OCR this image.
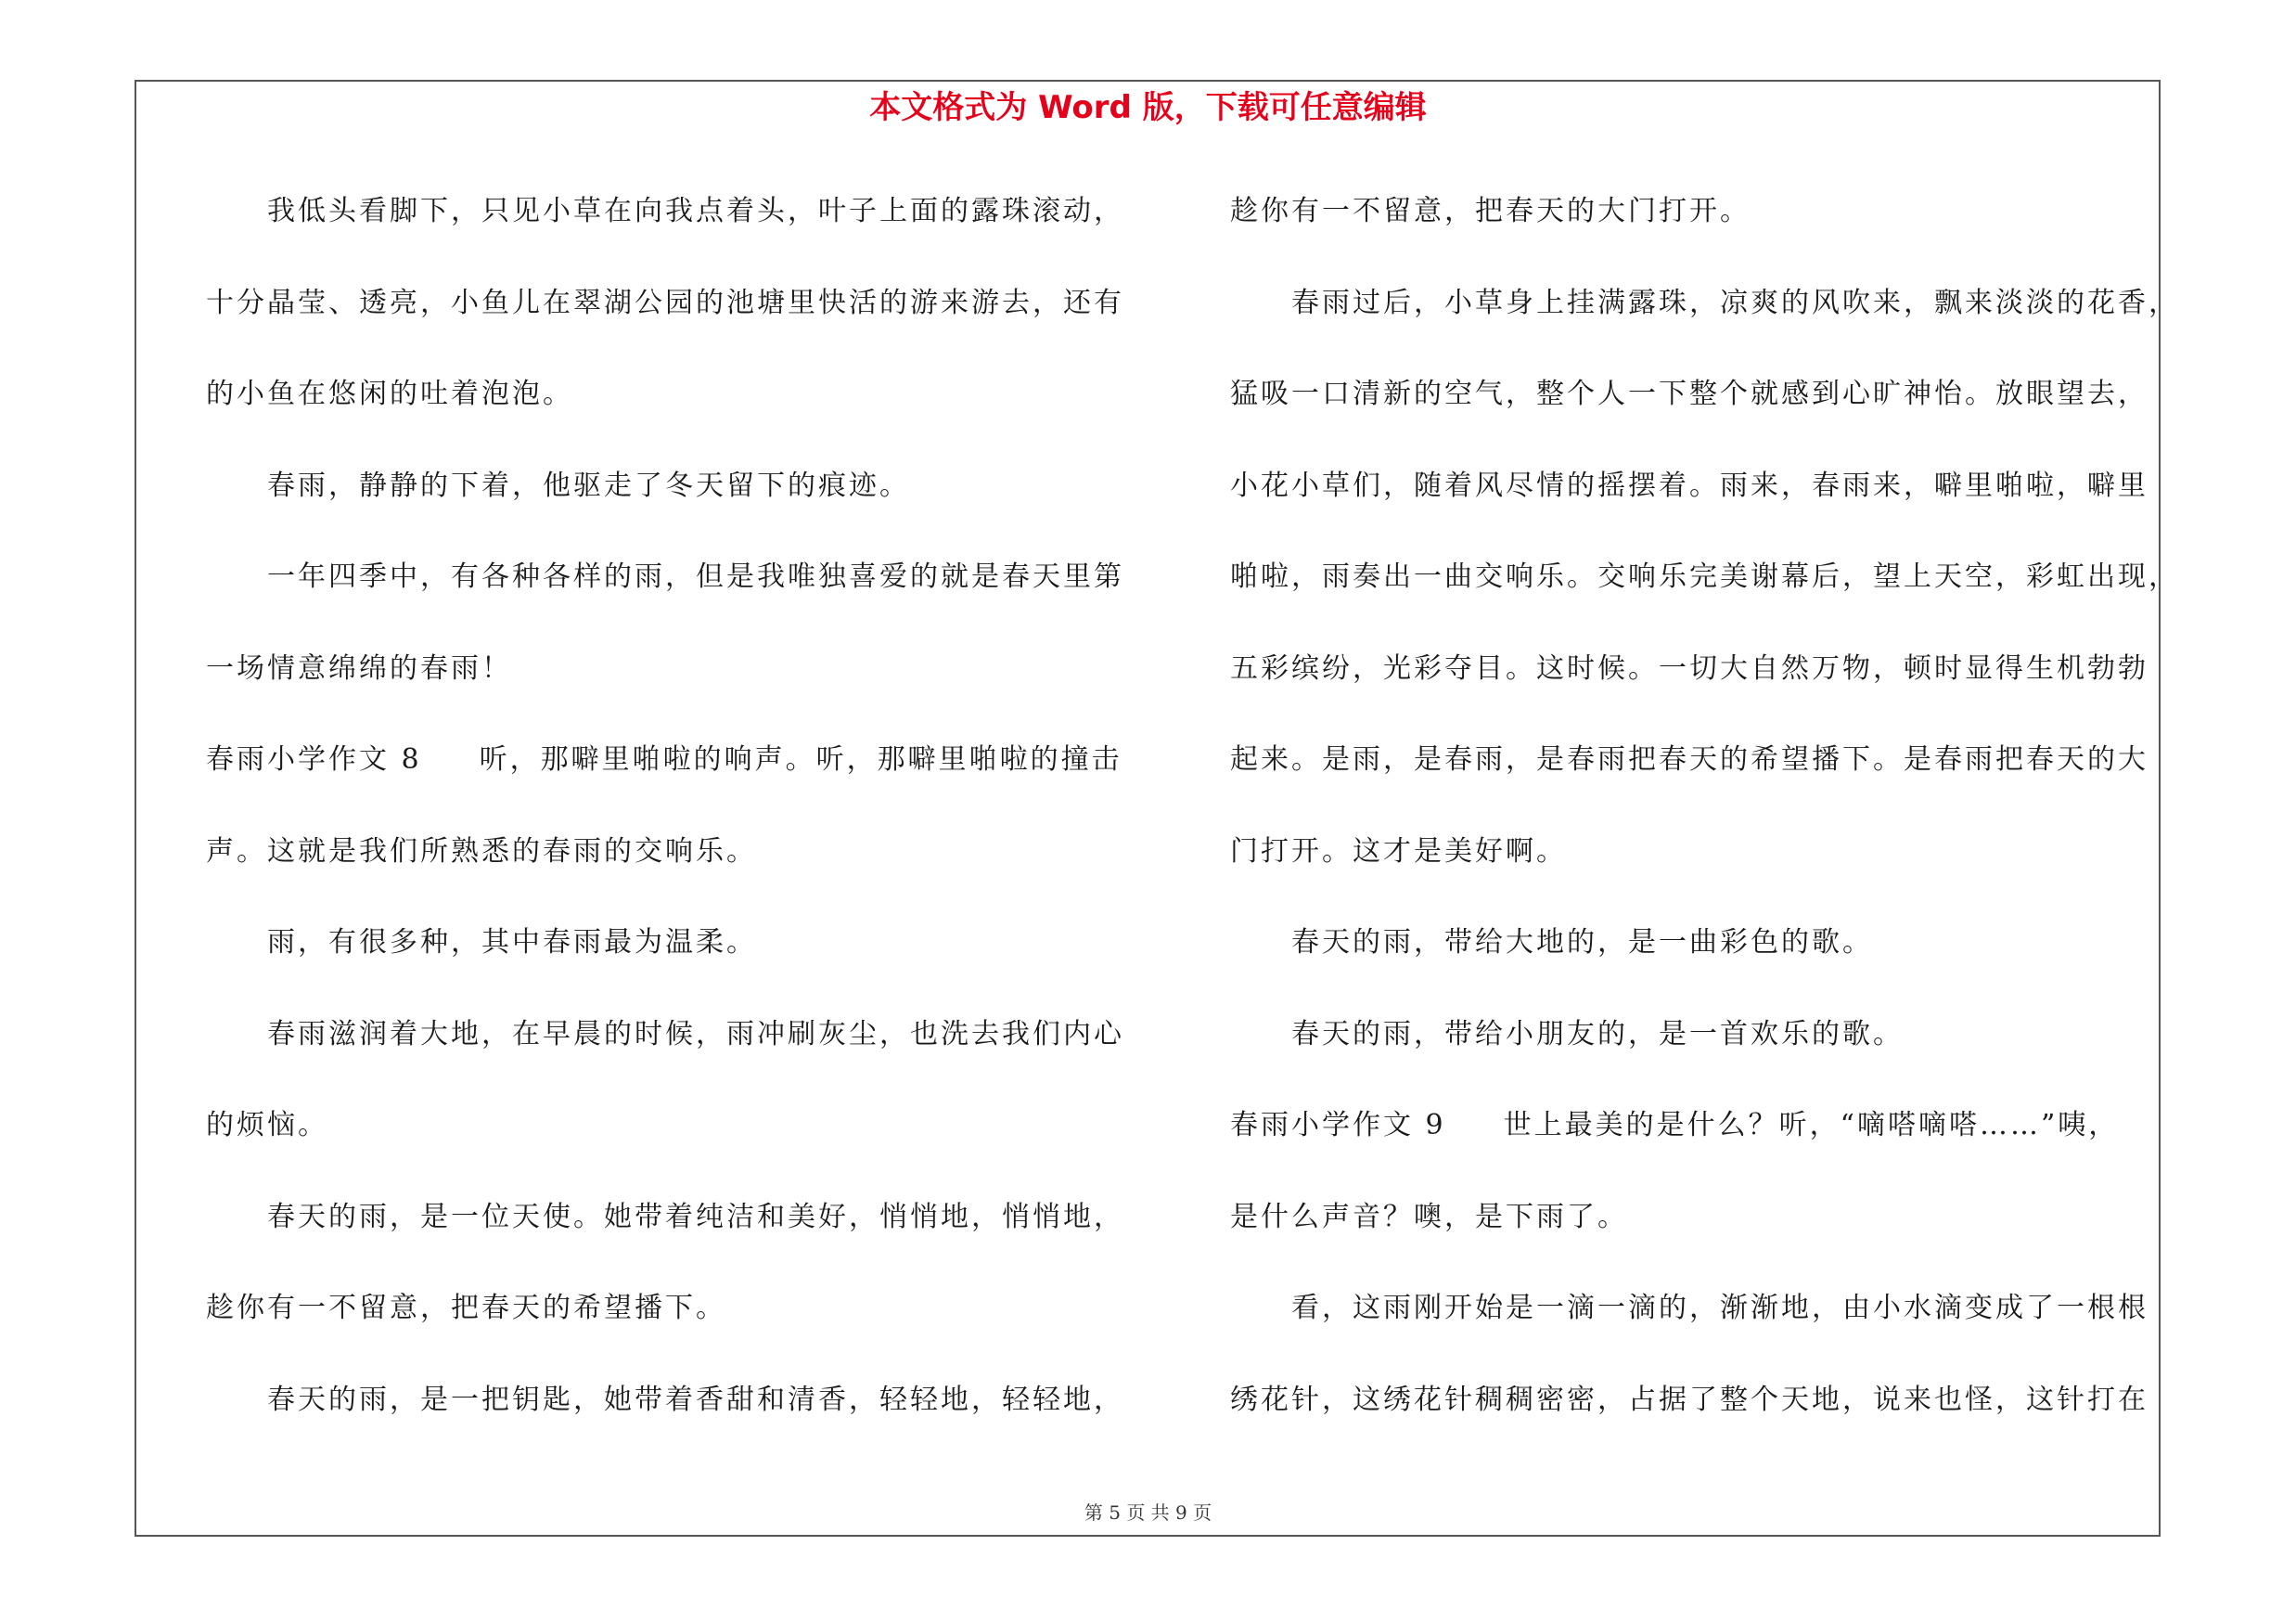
本文格式为 Word 版，下载可任意编辑
我低头看脚下，只见小草在向我点着头，叶子上面的露珠滚动，
十分晶莹、透亮，小鱼儿在翠湖公园的池塘里快活的游来游去，还有
的小鱼在悠闲的吐着泡泡。
春雨，静静的下着，他驱走了冬天留下的痕迹。
一年四季中，有各种各样的雨，但是我唯独喜爱的就是春天里第
一场情意绵绵的春雨！
春雨小学作文 8 听，那噼里啪啦的响声。听，那噼里啪啦的撞击
声。这就是我们所熟悉的春雨的交响乐。
雨，有很多种，其中春雨最为温柔。
春雨滋润着大地，在早晨的时候，雨冲刷灰尘，也洗去我们内心
的烦恼。
春天的雨，是一位天使。她带着纯洁和美好，悄悄地，悄悄地，
趁你有一不留意，把春天的希望播下。
春天的雨，是一把钥匙，她带着香甜和清香，轻轻地，轻轻地，
趁你有一不留意，把春天的大门打开。
春雨过后，小草身上挂满露珠，凉爽的风吹来，飘来淡淡的花香，
猛吸一口清新的空气，整个人一下整个就感到心旷神怡。放眼望去，
小花小草们，随着风尽情的摇摆着。雨来，春雨来，噼里啪啦，噼里
啪啦，雨奏出一曲交响乐。交响乐完美谢幕后，望上天空，彩虹出现，
五彩缤纷，光彩夺目。这时候。一切大自然万物，顿时显得生机勃勃
起来。是雨，是春雨，是春雨把春天的希望播下。是春雨把春天的大
门打开。这才是美好啊。
春天的雨，带给大地的，是一曲彩色的歌。
春天的雨，带给小朋友的，是一首欢乐的歌。
春雨小学作文 9 世上最美的是什么？听，“嘀嗒嘀嗒……”咦，
是什么声音？噢，是下雨了。
看，这雨刚开始是一滴一滴的，渐渐地，由小水滴变成了一根根
绣花针，这绣花针稠稠密密，占据了整个天地，说来也怪，这针打在
第 5 页 共 9 页
